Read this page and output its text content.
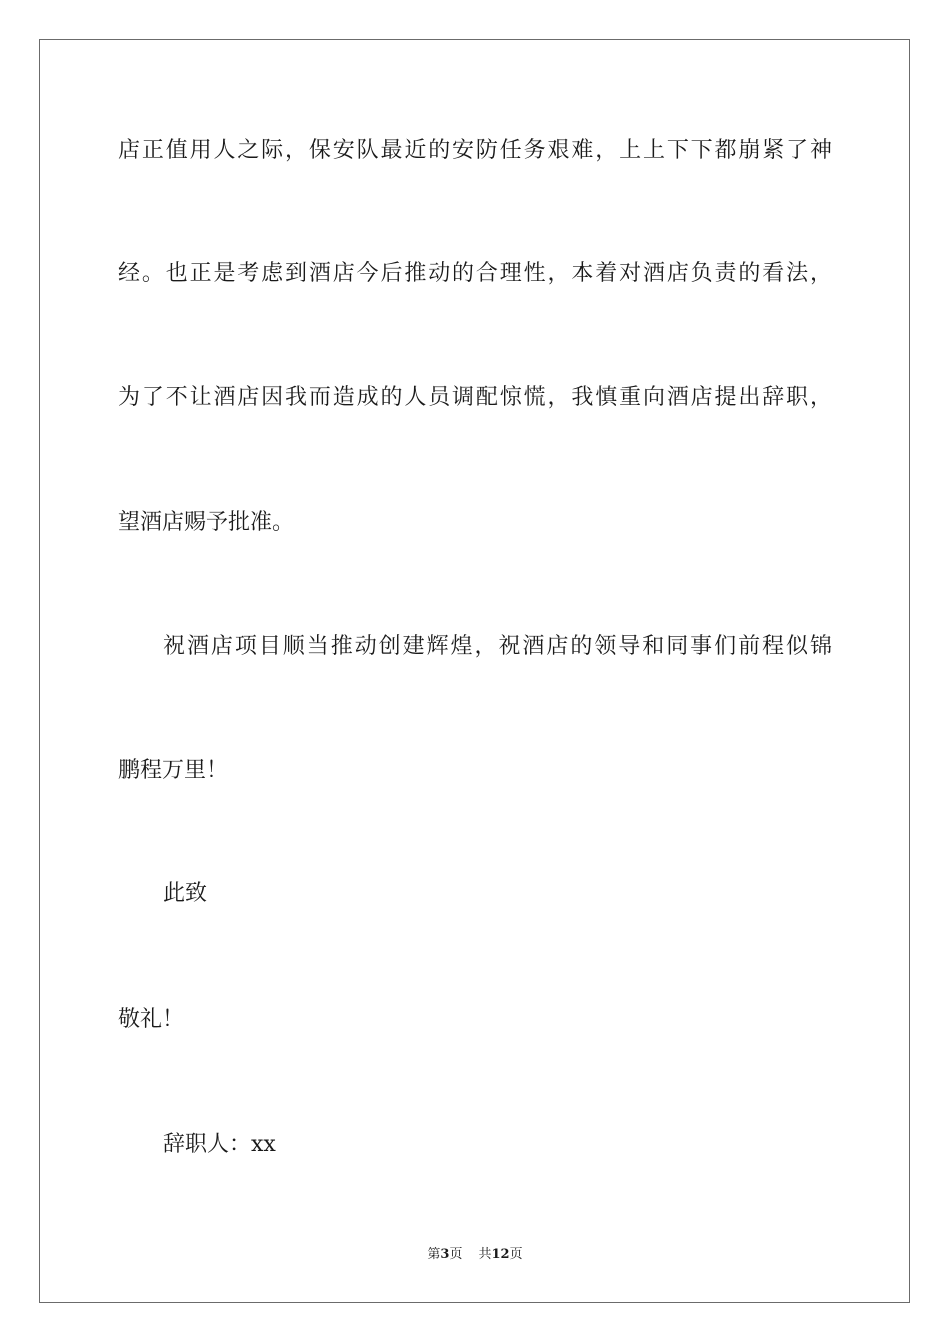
店正值用人之际，保安队最近的安防任务艰难，上上下下都崩紧了神

经。也正是考虑到酒店今后推动的合理性，本着对酒店负责的看法，

为了不让酒店因我而造成的人员调配惊慌，我慎重向酒店提出辞职，

望酒店赐予批准。

祝酒店项目顺当推动创建辉煌，祝酒店的领导和同事们前程似锦

鹏程万里！

此致

敬礼！

辞职人：xx

第3页 共12页
